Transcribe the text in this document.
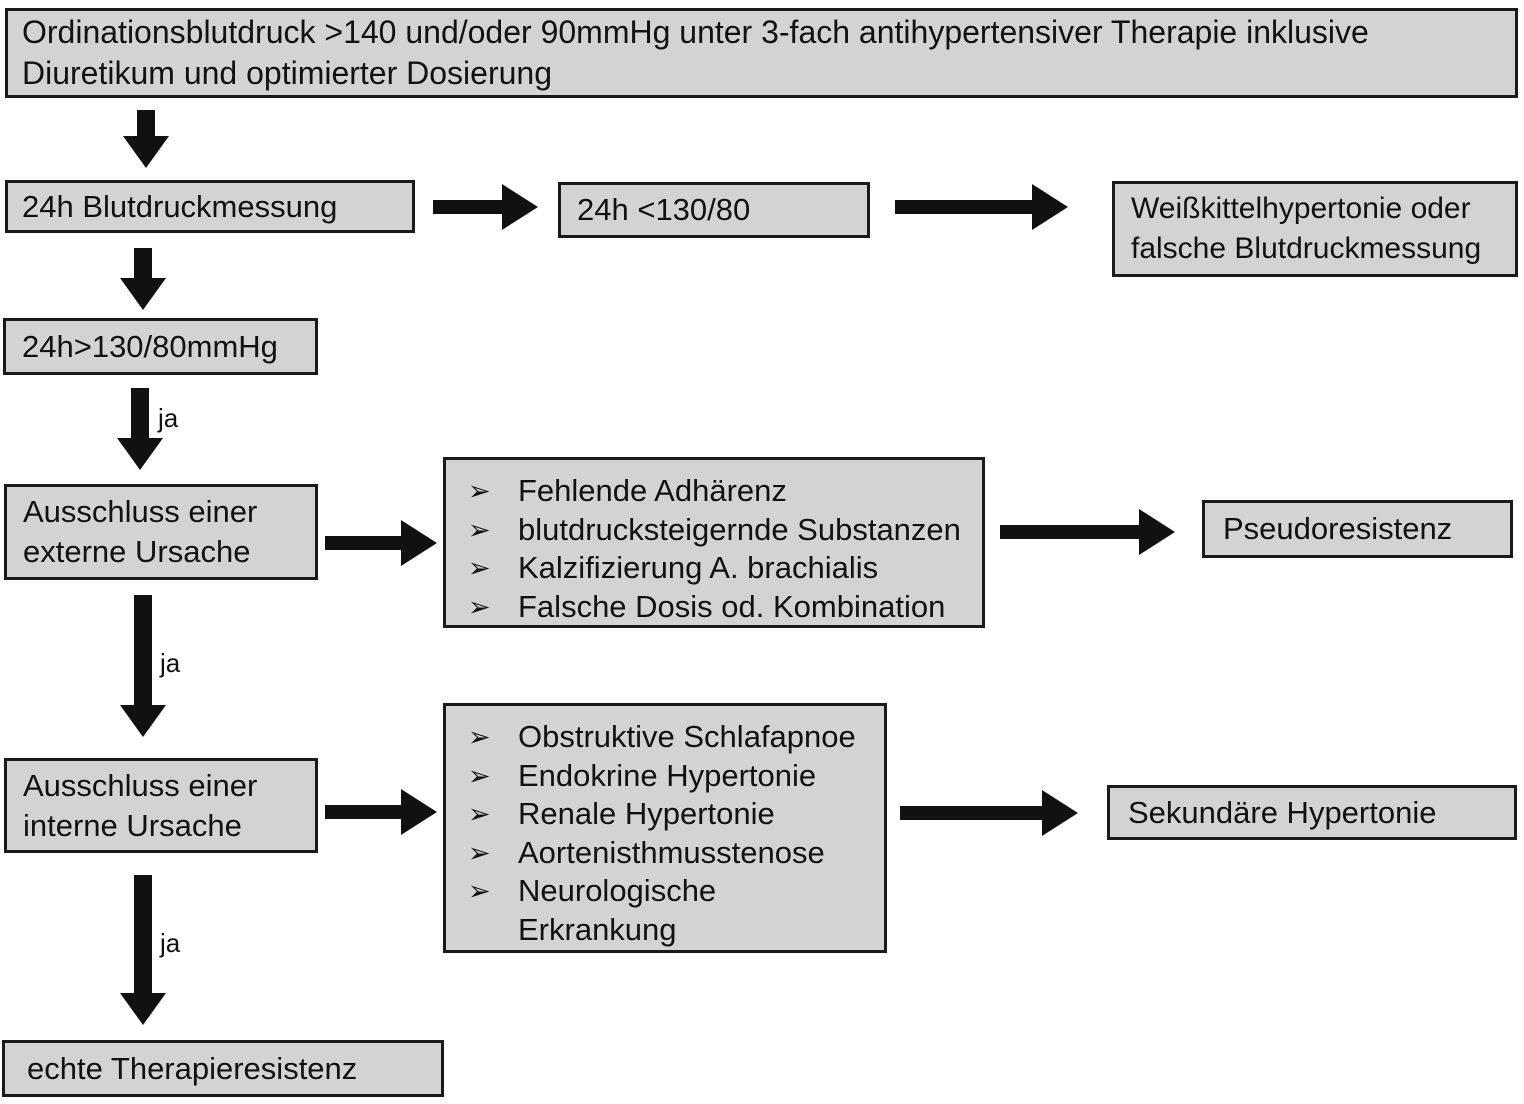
Ordinationsblutdruck >140 und/oder 90mmHg unter 3-fach antihypertensiver Therapie inklusive
Diuretikum und optimierter Dosierung
24h Blutdruckmessung	24h <130/80	Weißkittelhypertonie oder
falsche Blutdruckmessung
24h>130/80mmHg
ja
Ausschluss einer
externe Ursache
➢ Fehlende Adhärenz
➢ blutdrucksteigernde Substanzen
➢ Kalzifizierung A. brachialis
➢ Falsche Dosis od. Kombination
Pseudoresistenz
ja
Ausschluss einer
interne Ursache
➢ Obstruktive Schlafapnoe
➢ Endokrine Hypertonie
➢ Renale Hypertonie
➢ Aortenisthmusstenose
➢ Neurologische Erkrankung
Sekundäre Hypertonie
ja
echte Therapieresistenz
